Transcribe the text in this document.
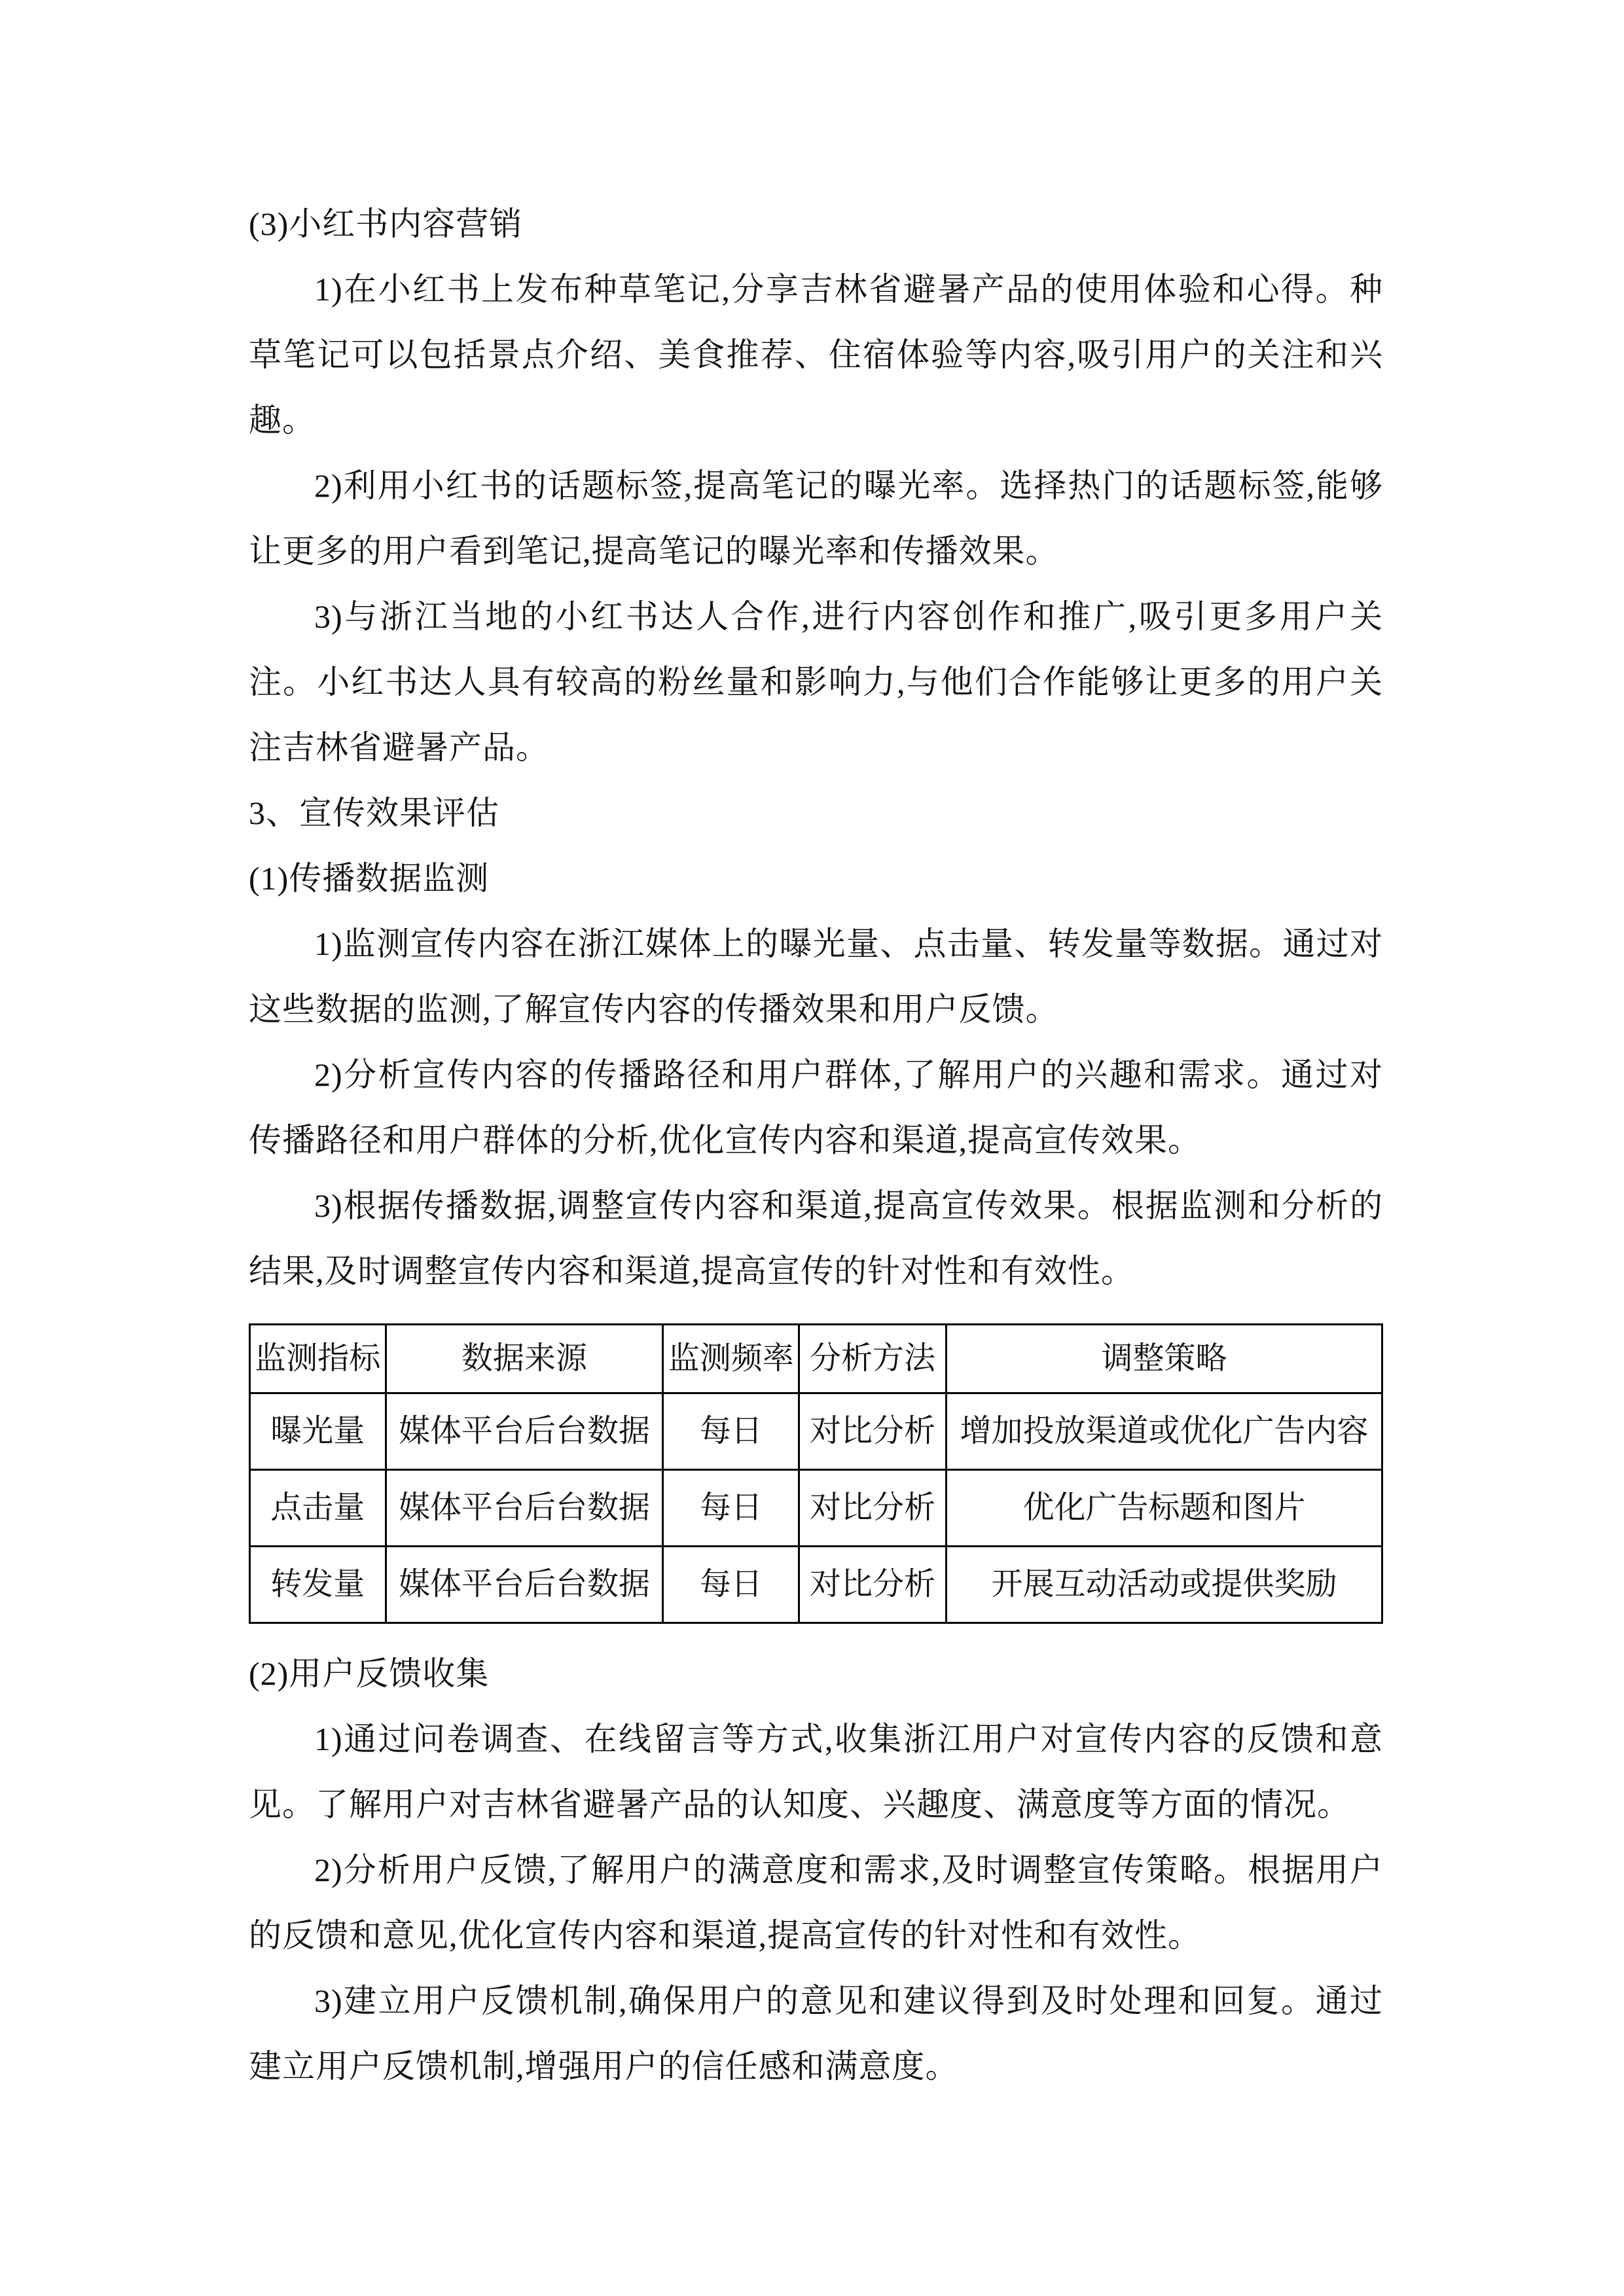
(3)小红书内容营销

1)在小红书上发布种草笔记,分享吉林省避暑产品的使用体验和心得。种草笔记可以包括景点介绍、美食推荐、住宿体验等内容,吸引用户的关注和兴趣。

2)利用小红书的话题标签,提高笔记的曝光率。选择热门的话题标签,能够让更多的用户看到笔记,提高笔记的曝光率和传播效果。

3)与浙江当地的小红书达人合作,进行内容创作和推广,吸引更多用户关注。小红书达人具有较高的粉丝量和影响力,与他们合作能够让更多的用户关注吉林省避暑产品。

3、宣传效果评估

(1)传播数据监测

1)监测宣传内容在浙江媒体上的曝光量、点击量、转发量等数据。通过对这些数据的监测,了解宣传内容的传播效果和用户反馈。

2)分析宣传内容的传播路径和用户群体,了解用户的兴趣和需求。通过对传播路径和用户群体的分析,优化宣传内容和渠道,提高宣传效果。

3)根据传播数据,调整宣传内容和渠道,提高宣传效果。根据监测和分析的结果,及时调整宣传内容和渠道,提高宣传的针对性和有效性。

监测指标	数据来源	监测频率	分析方法	调整策略
曝光量	媒体平台后台数据	每日	对比分析	增加投放渠道或优化广告内容
点击量	媒体平台后台数据	每日	对比分析	优化广告标题和图片
转发量	媒体平台后台数据	每日	对比分析	开展互动活动或提供奖励

(2)用户反馈收集

1)通过问卷调查、在线留言等方式,收集浙江用户对宣传内容的反馈和意见。了解用户对吉林省避暑产品的认知度、兴趣度、满意度等方面的情况。

2)分析用户反馈,了解用户的满意度和需求,及时调整宣传策略。根据用户的反馈和意见,优化宣传内容和渠道,提高宣传的针对性和有效性。

3)建立用户反馈机制,确保用户的意见和建议得到及时处理和回复。通过建立用户反馈机制,增强用户的信任感和满意度。
